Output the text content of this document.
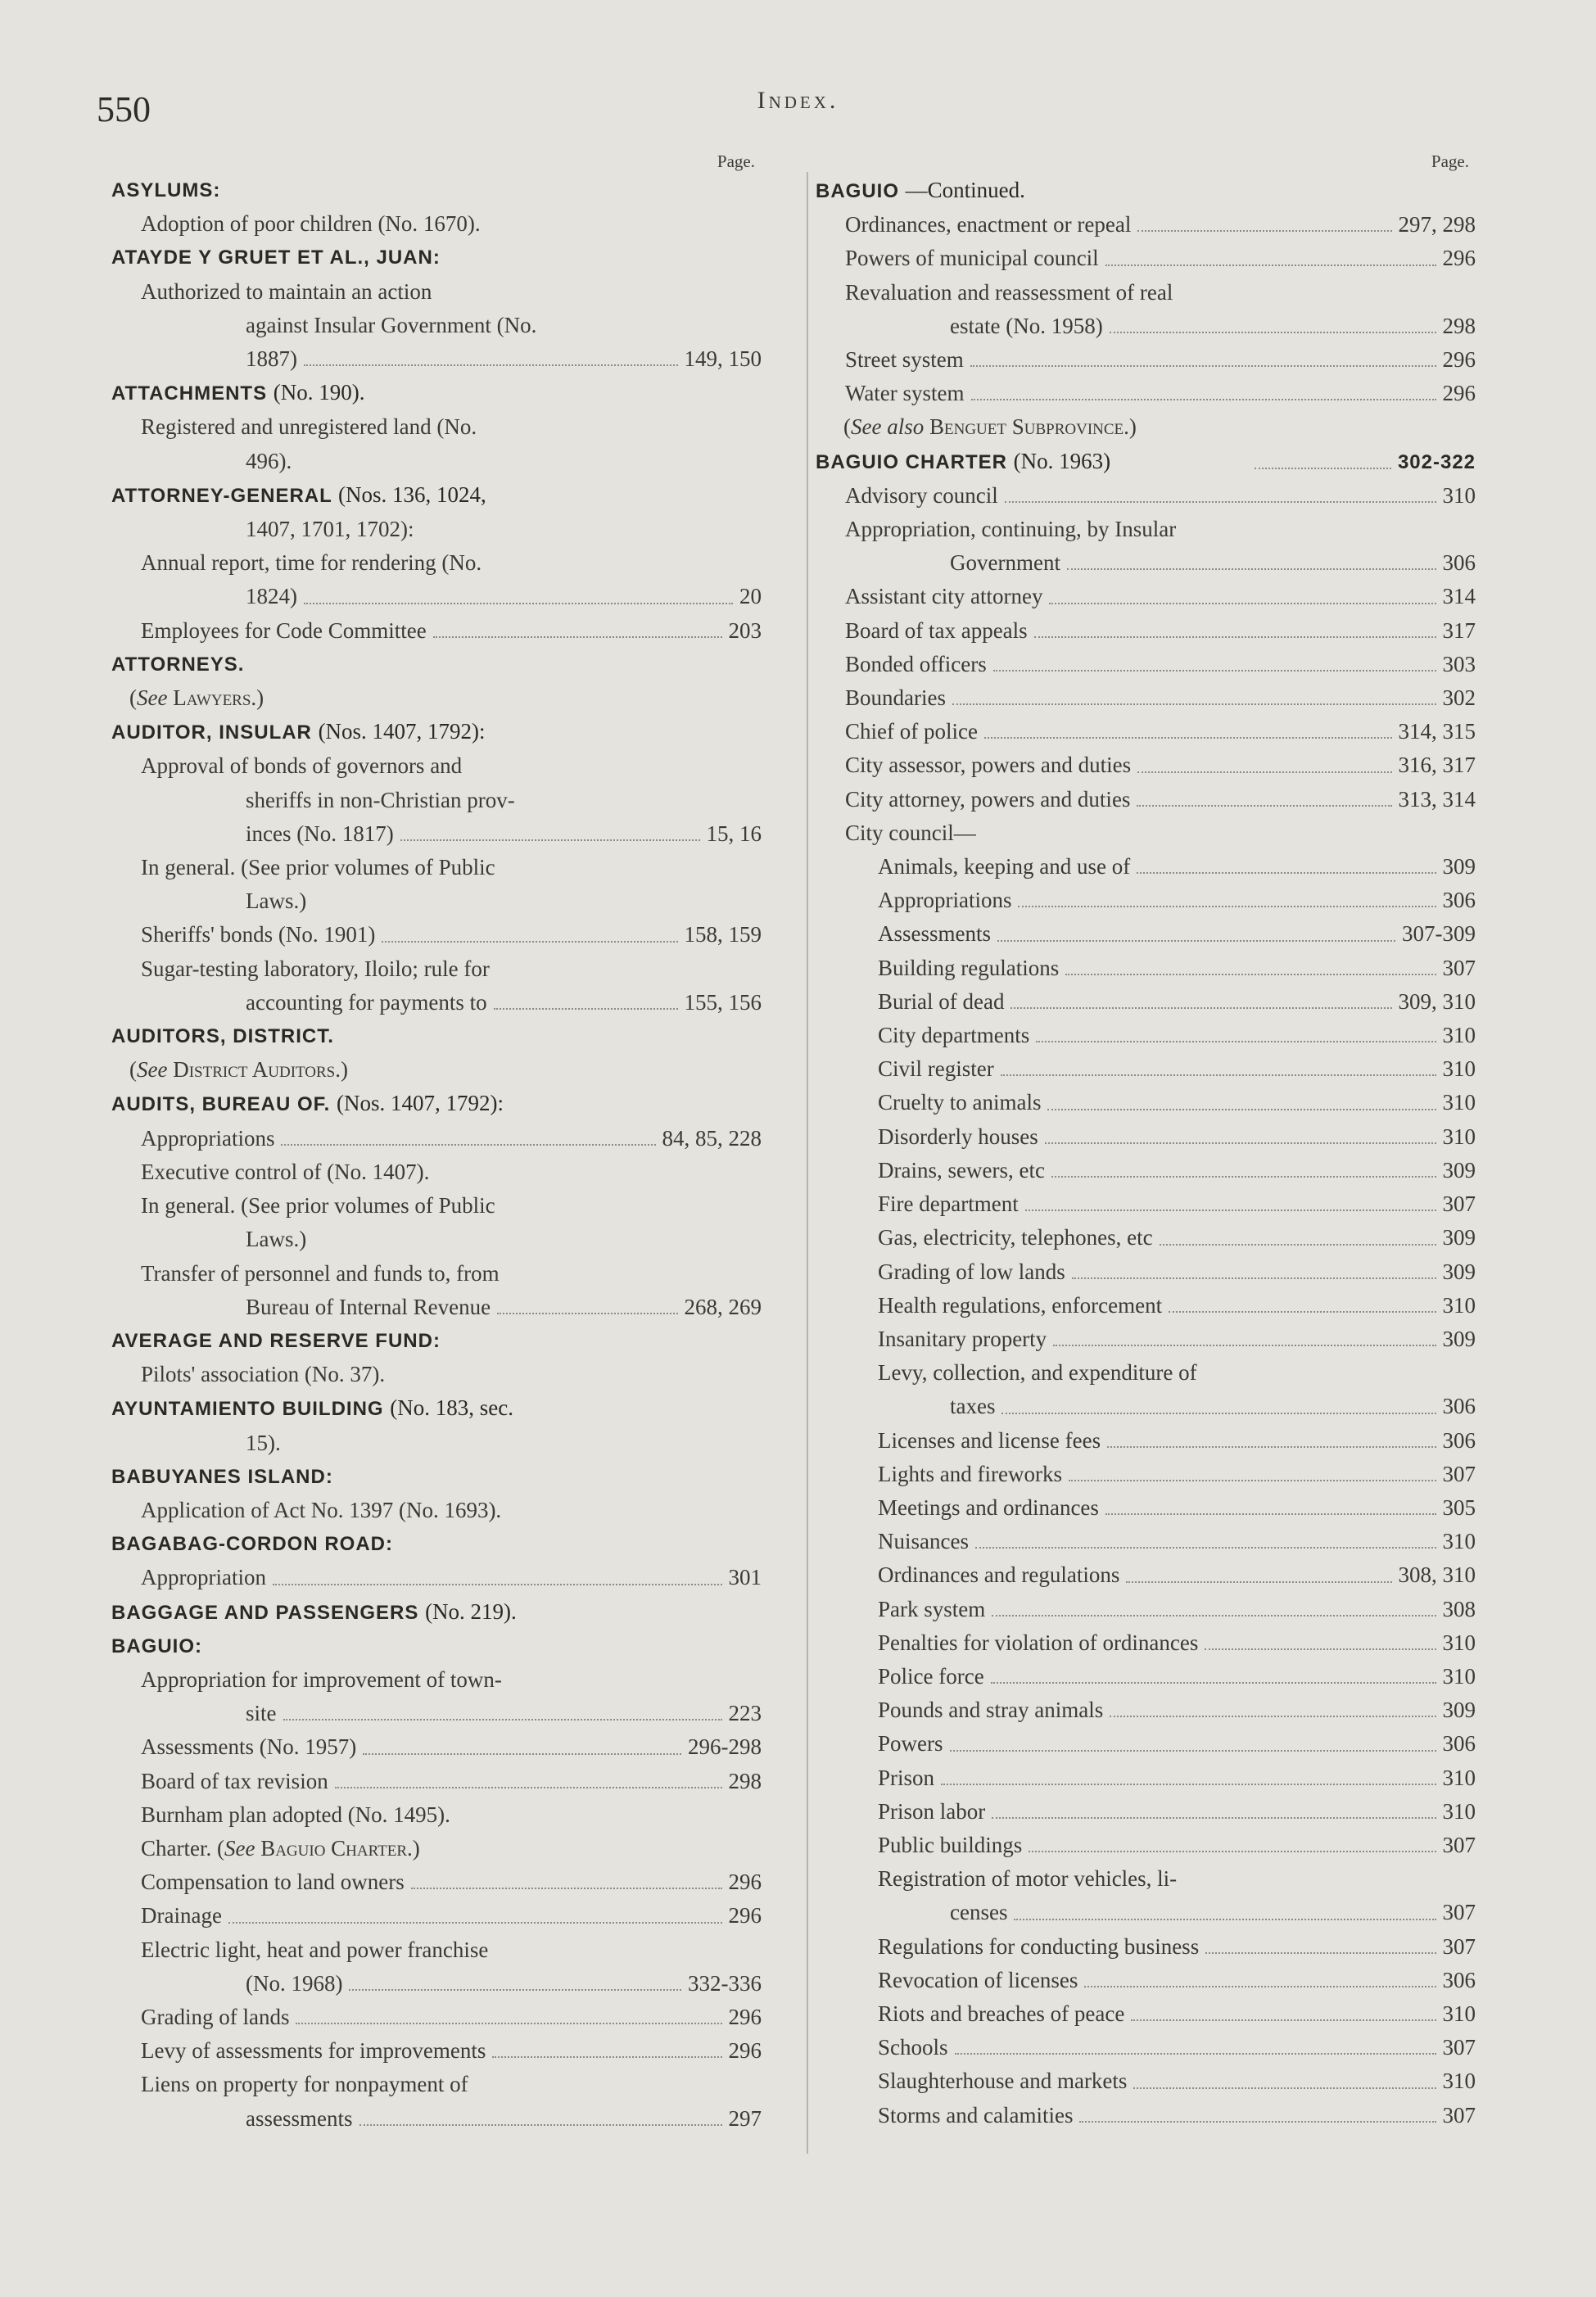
550	Index.
Page.
ASYLUMS:
Adoption of poor children (No. 1670).
ATAYDE Y GRUET ET AL., JUAN:
Authorized to maintain an action
against Insular Government (No.
1887)	149, 150
ATTACHMENTS (No. 190).
Registered and unregistered land (No.
496).
ATTORNEY-GENERAL (Nos. 136, 1024,
1407, 1701, 1702):
Annual report, time for rendering (No.
1824)	20
Employees for Code Committee	203
ATTORNEYS.
(See Lawyers.)
AUDITOR, INSULAR (Nos. 1407, 1792):
Approval of bonds of governors and
sheriffs in non-Christian prov-
inces (No. 1817)	15, 16
In general. (See prior volumes of Public
Laws.)
Sheriffs' bonds (No. 1901)	158, 159
Sugar-testing laboratory, Iloilo; rule for
accounting for payments to	155, 156
AUDITORS, DISTRICT.
(See District Auditors.)
AUDITS, BUREAU OF. (Nos. 1407, 1792):
Appropriations	84, 85, 228
Executive control of (No. 1407).
In general. (See prior volumes of Public
Laws.)
Transfer of personnel and funds to, from
Bureau of Internal Revenue	268, 269
AVERAGE AND RESERVE FUND:
Pilots' association (No. 37).
AYUNTAMIENTO BUILDING (No. 183, sec.
15).
BABUYANES ISLAND:
Application of Act No. 1397 (No. 1693).
BAGABAG-CORDON ROAD:
Appropriation	301
BAGGAGE AND PASSENGERS (No. 219).
BAGUIO:
Appropriation for improvement of town-
site	223
Assessments (No. 1957)	296-298
Board of tax revision	298
Burnham plan adopted (No. 1495).
Charter. (See Baguio Charter.)
Compensation to land owners	296
Drainage	296
Electric light, heat and power franchise
(No. 1968)	332-336
Grading of lands	296
Levy of assessments for improvements	296
Liens on property for nonpayment of
assessments	297
Page.
BAGUIO —Continued.
Ordinances, enactment or repeal	297, 298
Powers of municipal council	296
Revaluation and reassessment of real
estate (No. 1958)	298
Street system	296
Water system	296
(See also Benguet Subprovince.)
BAGUIO CHARTER (No. 1963)	302-322
Advisory council	310
Appropriation, continuing, by Insular
Government	306
Assistant city attorney	314
Board of tax appeals	317
Bonded officers	303
Boundaries	302
Chief of police	314, 315
City assessor, powers and duties	316, 317
City attorney, powers and duties	313, 314
City council—
Animals, keeping and use of	309
Appropriations	306
Assessments	307-309
Building regulations	307
Burial of dead	309, 310
City departments	310
Civil register	310
Cruelty to animals	310
Disorderly houses	310
Drains, sewers, etc	309
Fire department	307
Gas, electricity, telephones, etc	309
Grading of low lands	309
Health regulations, enforcement	310
Insanitary property	309
Levy, collection, and expenditure of
taxes	306
Licenses and license fees	306
Lights and fireworks	307
Meetings and ordinances	305
Nuisances	310
Ordinances and regulations	308, 310
Park system	308
Penalties for violation of ordinances	310
Police force	310
Pounds and stray animals	309
Powers	306
Prison	310
Prison labor	310
Public buildings	307
Registration of motor vehicles, li-
censes	307
Regulations for conducting business	307
Revocation of licenses	306
Riots and breaches of peace	310
Schools	307
Slaughterhouse and markets	310
Storms and calamities	307
